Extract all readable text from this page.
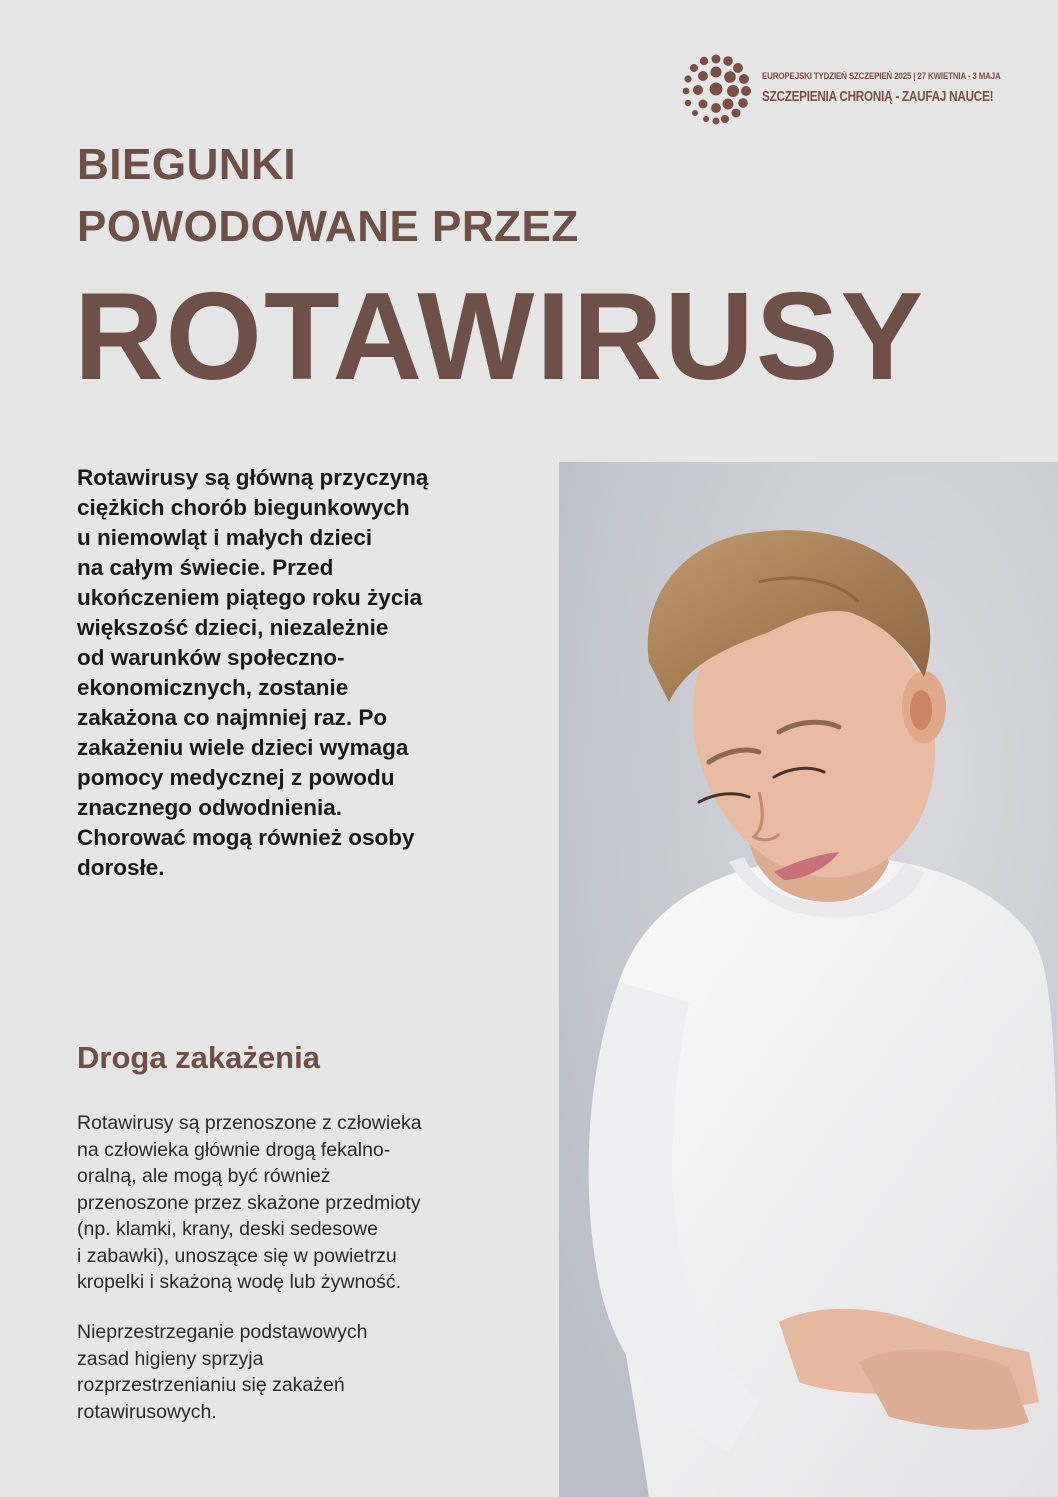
EUROPEJSKI TYDZIEŃ SZCZEPIEŃ 2025 | 27 KWIETNIA - 3 MAJA
SZCZEPIENIA CHRONIĄ - ZAUFAJ NAUCE!
BIEGUNKI
POWODOWANE PRZEZ
ROTAWIRUSY

Rotawirusy są główną przyczyną
ciężkich chorób biegunkowych
u niemowląt i małych dzieci
na całym świecie. Przed
ukończeniem piątego roku życia
większość dzieci, niezależnie
od warunków społeczno-
ekonomicznych, zostanie
zakażona co najmniej raz. Po
zakażeniu wiele dzieci wymaga
pomocy medycznej z powodu
znacznego odwodnienia.
Chorować mogą również osoby
dorosłe.

Droga zakażenia

Rotawirusy są przenoszone z człowieka
na człowieka głównie drogą fekalno-
oralną, ale mogą być również
przenoszone przez skażone przedmioty
(np. klamki, krany, deski sedesowe
i zabawki), unoszące się w powietrzu
kropelki i skażoną wodę lub żywność.

Nieprzestrzeganie podstawowych
zasad higieny sprzyja
rozprzestrzenianiu się zakażeń
rotawirusowych.
